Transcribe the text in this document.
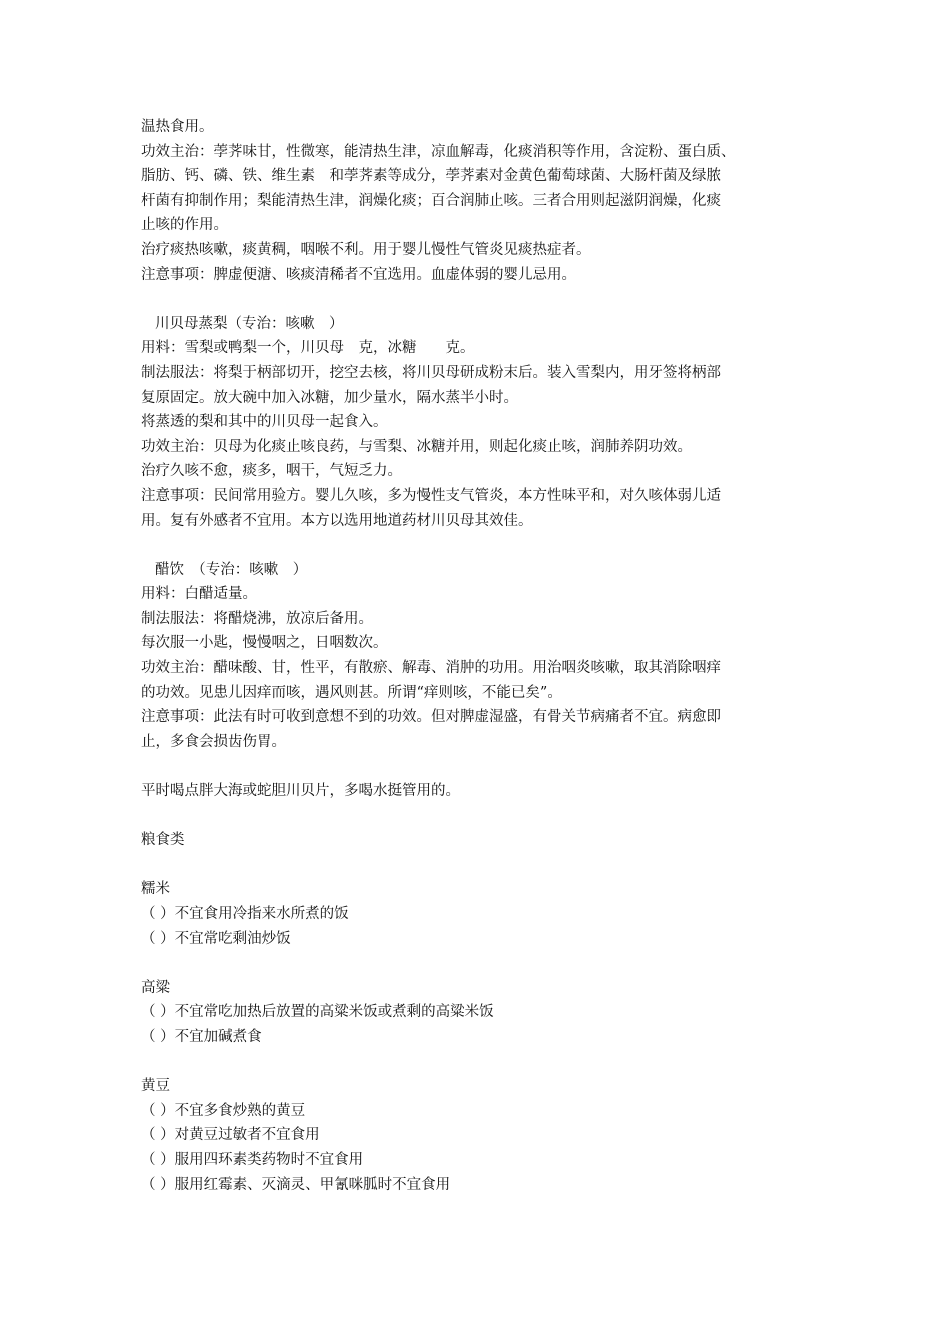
温热食用。
功效主治：荸荠味甘，性微寒，能清热生津，凉血解毒，化痰消积等作用，含淀粉、蛋白质、
脂肪、钙、磷、铁、维生素　和荸荠素等成分，荸荠素对金黄色葡萄球菌、大肠杆菌及绿脓
杆菌有抑制作用；梨能清热生津，润燥化痰；百合润肺止咳。三者合用则起滋阴润燥，化痰
止咳的作用。
治疗痰热咳嗽，痰黄稠，咽喉不利。用于婴儿慢性气管炎见痰热症者。
注意事项：脾虚便溏、咳痰清稀者不宜选用。血虚体弱的婴儿忌用。
川贝母蒸梨（专治：咳嗽　）
用料：雪梨或鸭梨一个，川贝母　克，冰糖　　克。
制法服法：将梨于柄部切开，挖空去核，将川贝母研成粉末后。装入雪梨内，用牙签将柄部
复原固定。放大碗中加入冰糖，加少量水，隔水蒸半小时。
将蒸透的梨和其中的川贝母一起食入。
功效主治：贝母为化痰止咳良药，与雪梨、冰糖并用，则起化痰止咳，润肺养阴功效。
治疗久咳不愈，痰多，咽干，气短乏力。
注意事项：民间常用验方。婴儿久咳，多为慢性支气管炎，本方性味平和，对久咳体弱儿适
用。复有外感者不宜用。本方以选用地道药材川贝母其效佳。
醋饮　（专治：咳嗽　）
用料：白醋适量。
制法服法：将醋烧沸，放凉后备用。
每次服一小匙，慢慢咽之，日咽数次。
功效主治：醋味酸、甘，性平，有散瘀、解毒、消肿的功用。用治咽炎咳嗽，取其消除咽痒
的功效。见患儿因痒而咳，遇风则甚。所谓“痒则咳，不能已矣”。
注意事项：此法有时可收到意想不到的功效。但对脾虚湿盛，有骨关节病痛者不宜。病愈即
止，多食会损齿伤胃。
平时喝点胖大海或蛇胆川贝片，多喝水挺管用的。
粮食类
糯米
（ ）不宜食用冷指来水所煮的饭
（ ）不宜常吃剩油炒饭
高粱
（ ）不宜常吃加热后放置的高粱米饭或煮剩的高粱米饭
（ ）不宜加碱煮食
黄豆
（ ）不宜多食炒熟的黄豆
（ ）对黄豆过敏者不宜食用
（ ）服用四环素类药物时不宜食用
（ ）服用红霉素、灭滴灵、甲氰咪胍时不宜食用
